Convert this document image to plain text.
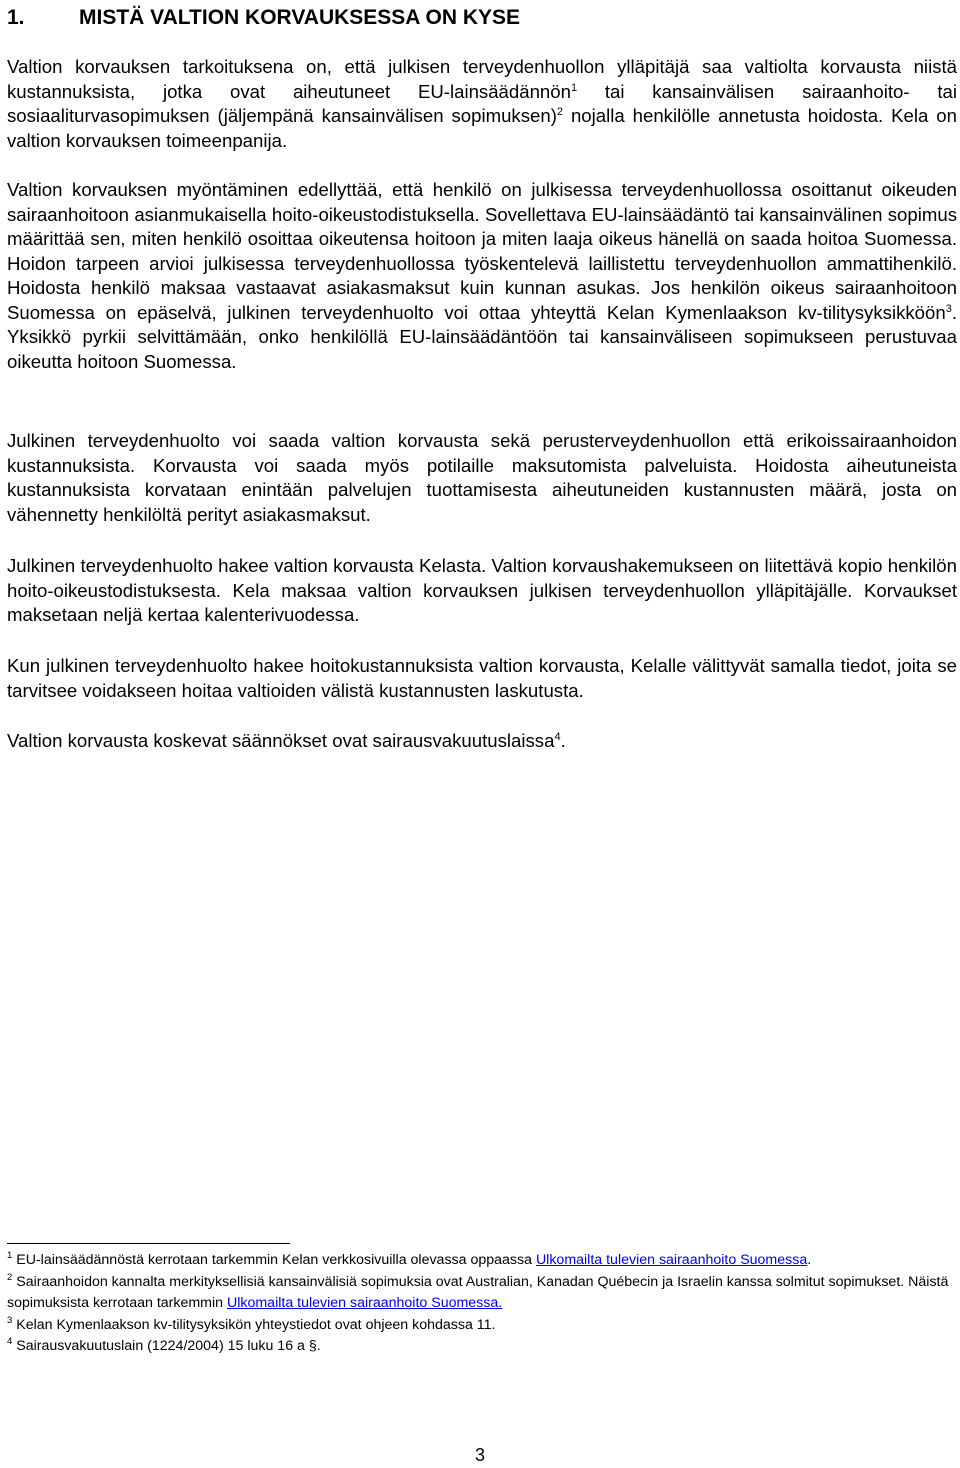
1.	MISTÄ VALTION KORVAUKSESSA ON KYSE
Valtion korvauksen tarkoituksena on, että julkisen terveydenhuollon ylläpitäjä saa valtiolta korvausta niistä kustannuksista, jotka ovat aiheutuneet EU-lainsäädännön$^1$ tai kansainvälisen sairaanhoito- tai sosiaaliturvasopimuksen (jäljempänä kansainvälisen sopimuksen)$^2$ nojalla henkilölle annetusta hoidosta. Kela on valtion korvauksen toimeenpanija.
Valtion korvauksen myöntäminen edellyttää, että henkilö on julkisessa terveydenhuollossa osoittanut oikeuden sairaanhoitoon asianmukaisella hoito-oikeustodistuksella. Sovellettava EU-lainsäädäntö tai kansainvälinen sopimus määrittää sen, miten henkilö osoittaa oikeutensa hoitoon ja miten laaja oikeus hänellä on saada hoitoa Suomessa. Hoidon tarpeen arvioi julkisessa terveydenhuollossa työskentelevä laillistettu terveydenhuollon ammattihenkilö. Hoidosta henkilö maksaa vastaavat asiakasmaksut kuin kunnan asukas. Jos henkilön oikeus sairaanhoitoon Suomessa on epäselvä, julkinen terveydenhuolto voi ottaa yhteyttä Kelan Kymenlaakson kv-tilitysyksikköön$^3$. Yksikkö pyrkii selvittämään, onko henkilöllä EU-lainsäädäntöön tai kansainväliseen sopimukseen perustuvaa oikeutta hoitoon Suomessa.
Julkinen terveydenhuolto voi saada valtion korvausta sekä perusterveydenhuollon että erikoissairaanhoidon kustannuksista. Korvausta voi saada myös potilaille maksutomista palveluista. Hoidosta aiheutuneista kustannuksista korvataan enintään palvelujen tuottamisesta aiheutuneiden kustannusten määrä, josta on vähennetty henkilöltä perityt asiakasmaksut.
Julkinen terveydenhuolto hakee valtion korvausta Kelasta. Valtion korvaushakemukseen on liitettävä kopio henkilön hoito-oikeustodistuksesta. Kela maksaa valtion korvauksen julkisen terveydenhuollon ylläpitäjälle. Korvaukset maksetaan neljä kertaa kalenterivuodessa.
Kun julkinen terveydenhuolto hakee hoitokustannuksista valtion korvausta, Kelalle välittyvät samalla tiedot, joita se tarvitsee voidakseen hoitaa valtioiden välistä kustannusten laskutusta.
Valtion korvausta koskevat säännökset ovat sairausvakuutuslaissa$^4$.

$^1$ EU-lainsäädännöstä kerrotaan tarkemmin Kelan verkkosivuilla olevassa oppaassa Ulkomailta tulevien sairaanhoito Suomessa.

$^2$ Sairaanhoidon kannalta merkityksellisiä kansainvälisiä sopimuksia ovat Australian, Kanadan Québecin ja Israelin kanssa solmitut sopimukset. Näistä sopimuksista kerrotaan tarkemmin Ulkomailta tulevien sairaanhoito Suomessa.

$^3$ Kelan Kymenlaakson kv-tilitysyksikön yhteystiedot ovat ohjeen kohdassa 11.

$^4$ Sairausvakuutuslain (1224/2004) 15 luku 16 a §.

3
